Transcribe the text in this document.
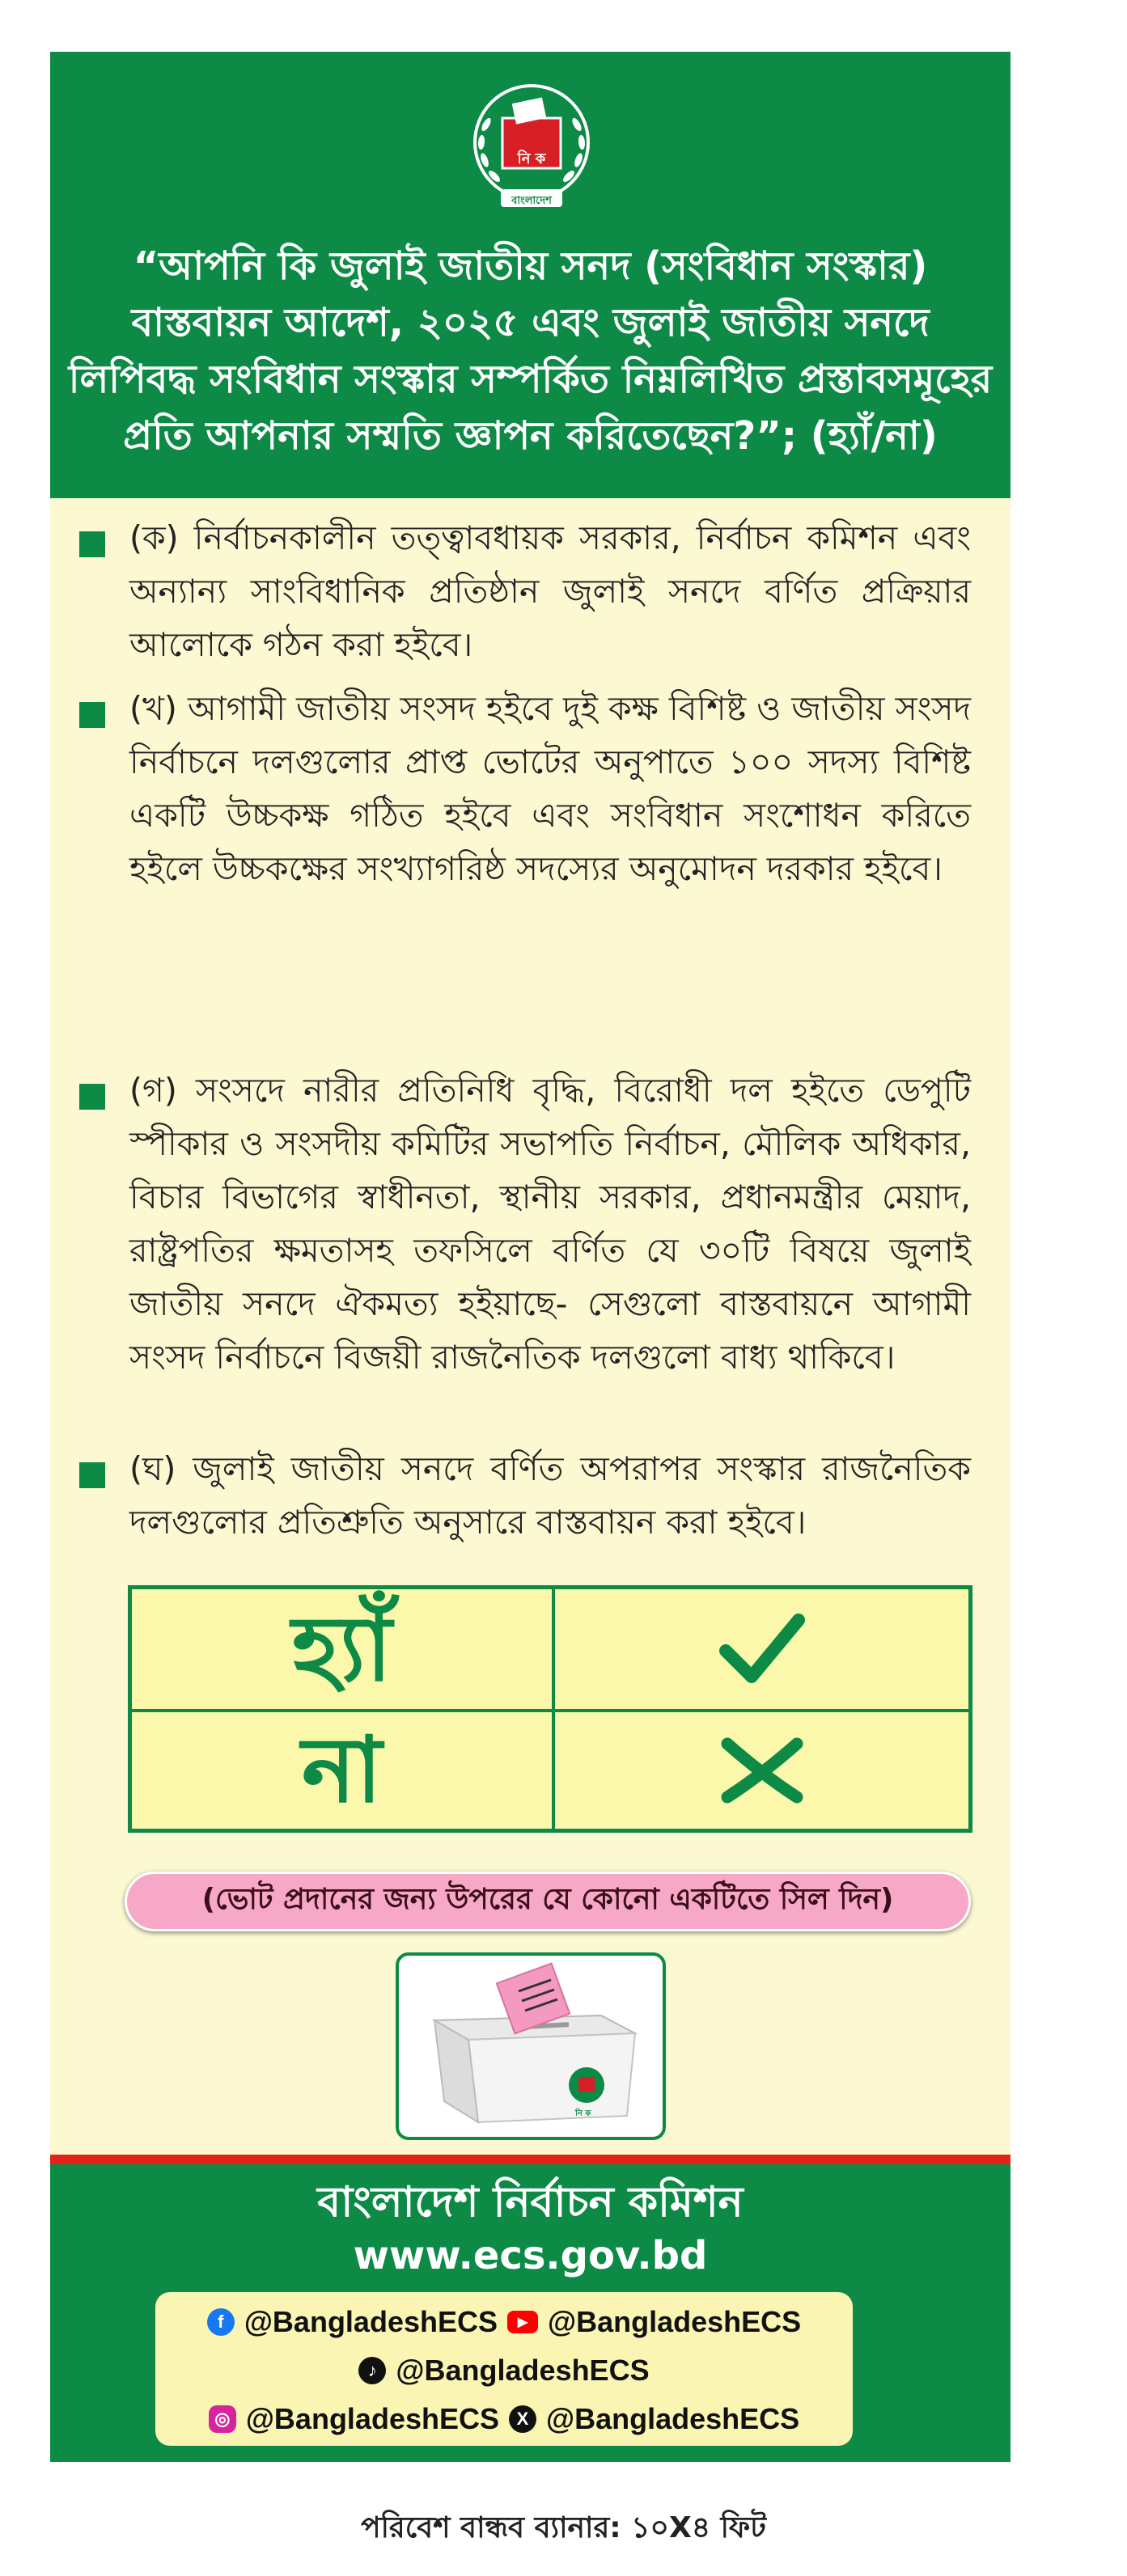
নি ক
বাংলাদেশ
“আপনি কি জুলাই জাতীয় সনদ (সংবিধান সংস্কার) বাস্তবায়ন আদেশ, ২০২৫ এবং জুলাই জাতীয় সনদে লিপিবদ্ধ সংবিধান সংস্কার সম্পর্কিত নিম্নলিখিত প্রস্তাবসমূহের প্রতি আপনার সম্মতি জ্ঞাপন করিতেছেন?”; (হ্যাঁ/না)
(ক) নির্বাচনকালীন তত্ত্বাবধায়ক সরকার, নির্বাচন কমিশন এবং অন্যান্য সাংবিধানিক প্রতিষ্ঠান জুলাই সনদে বর্ণিত প্রক্রিয়ার আলোকে গঠন করা হইবে।
(খ) আগামী জাতীয় সংসদ হইবে দুই কক্ষ বিশিষ্ট ও জাতীয় সংসদ নির্বাচনে দলগুলোর প্রাপ্ত ভোটের অনুপাতে ১০০ সদস্য বিশিষ্ট একটি উচ্চকক্ষ গঠিত হইবে এবং সংবিধান সংশোধন করিতে হইলে উচ্চকক্ষের সংখ্যাগরিষ্ঠ সদস্যের অনুমোদন দরকার হইবে।
(গ) সংসদে নারীর প্রতিনিধি বৃদ্ধি, বিরোধী দল হইতে ডেপুটি স্পীকার ও সংসদীয় কমিটির সভাপতি নির্বাচন, মৌলিক অধিকার, বিচার বিভাগের স্বাধীনতা, স্থানীয় সরকার, প্রধানমন্ত্রীর মেয়াদ, রাষ্ট্রপতির ক্ষমতাসহ তফসিলে বর্ণিত যে ৩০টি বিষয়ে জুলাই জাতীয় সনদে ঐকমত্য হইয়াছে- সেগুলো বাস্তবায়নে আগামী সংসদ নির্বাচনে বিজয়ী রাজনৈতিক দলগুলো বাধ্য থাকিবে।
(ঘ) জুলাই জাতীয় সনদে বর্ণিত অপরাপর সংস্কার রাজনৈতিক দলগুলোর প্রতিশ্রুতি অনুসারে বাস্তবায়ন করা হইবে।
হ্যাঁ
না
(ভোট প্রদানের জন্য উপরের যে কোনো একটিতে সিল দিন)
নি ক
বাংলাদেশ নির্বাচন কমিশন
www.ecs.gov.bd
f @BangladeshECS	▶ @BangladeshECS
♪ @BangladeshECS
◎ @BangladeshECS X @BangladeshECS
পরিবেশ বান্ধব ব্যানার: ১০X৪ ফিট
